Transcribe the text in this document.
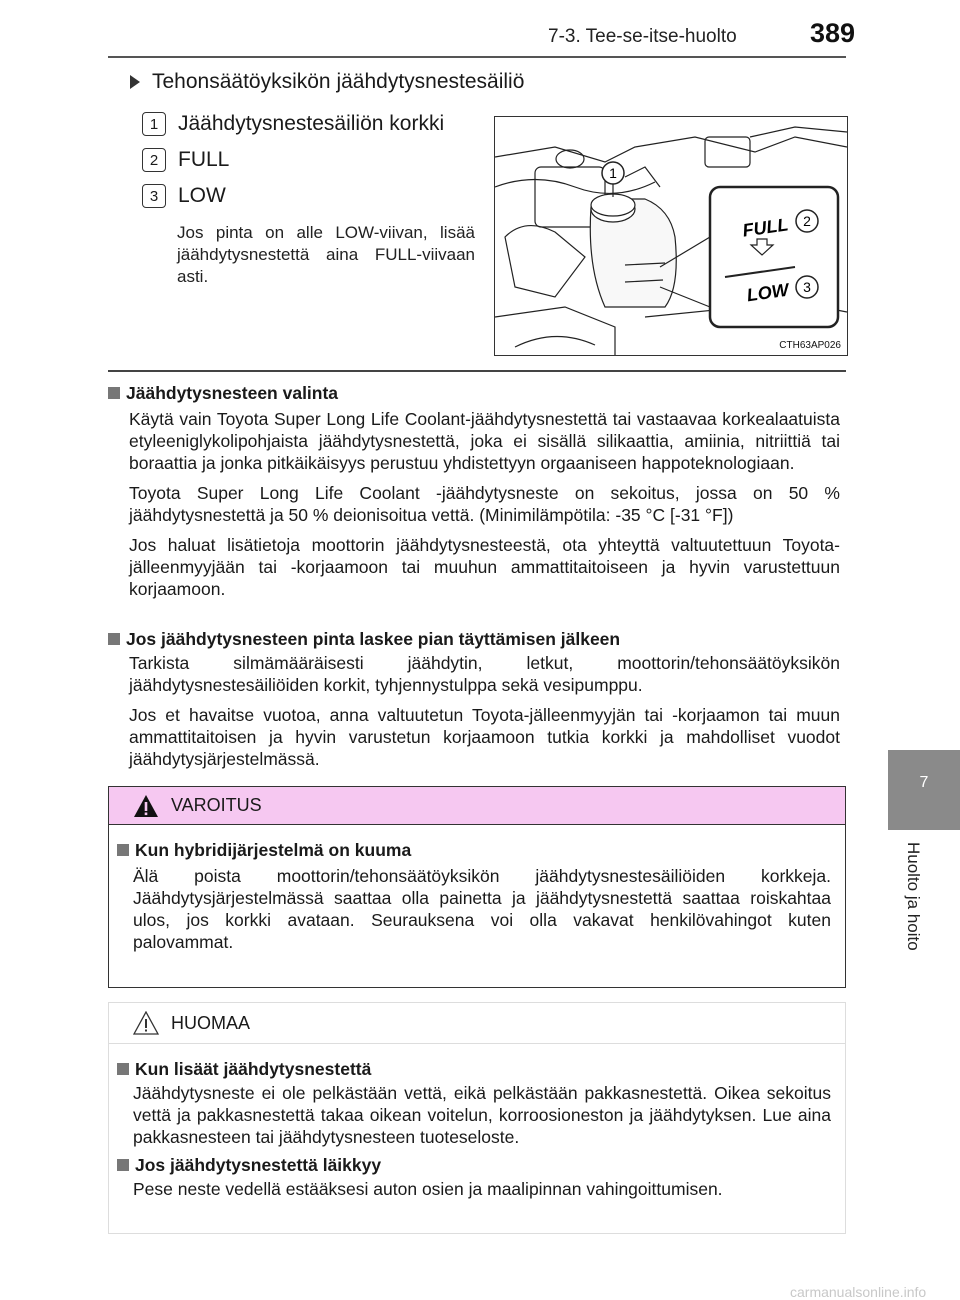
7-3. Tee-se-itse-huolto	389
7
Huolto ja hoito
Tehonsäätöyksikön jäähdytysnestesäiliö
1 Jäähdytysnestesäiliön korkki
2 FULL
3 LOW
Jos pinta on alle LOW-viivan, lisää jäähdytysnestettä aina FULL-viivaan asti.
1
FULL
LOW
2
3
CTH63AP026
Jäähdytysnesteen valinta
Käytä vain Toyota Super Long Life Coolant-jäähdytysnestettä tai vastaavaa korkealaatuista etyleeniglykolipohjaista jäähdytysnestettä, joka ei sisällä silikaattia, amiinia, nitriittiä tai boraattia ja jonka pitkäikäisyys perustuu yhdistettyyn orgaaniseen happoteknologiaan.
Toyota Super Long Life Coolant -jäähdytysneste on sekoitus, jossa on 50 % jäähdytysnestettä ja 50 % deionisoitua vettä. (Minimilämpötila: -35 °C [-31 °F])
Jos haluat lisätietoja moottorin jäähdytysnesteestä, ota yhteyttä valtuutettuun Toyota-jälleenmyyjään tai -korjaamoon tai muuhun ammattitaitoiseen ja hyvin varustettuun korjaamoon.
Jos jäähdytysnesteen pinta laskee pian täyttämisen jälkeen
Tarkista silmämääräisesti jäähdytin, letkut, moottorin/tehonsäätöyksikön jäähdytysnestesäiliöiden korkit, tyhjennystulppa sekä vesipumppu.
Jos et havaitse vuotoa, anna valtuutetun Toyota-jälleenmyyjän tai -korjaamon tai muun ammattitaitoisen ja hyvin varustetun korjaamoon tutkia korkki ja mahdolliset vuodot jäähdytysjärjestelmässä.
VAROITUS
Kun hybridijärjestelmä on kuuma
Älä poista moottorin/tehonsäätöyksikön jäähdytysnestesäiliöiden korkkeja. Jäähdytysjärjestelmässä saattaa olla painetta ja jäähdytysnestettä saattaa roiskahtaa ulos, jos korkki avataan. Seurauksena voi olla vakavat henkilövahingot kuten palovammat.
HUOMAA
Kun lisäät jäähdytysnestettä
Jäähdytysneste ei ole pelkästään vettä, eikä pelkästään pakkasnestettä. Oikea sekoitus vettä ja pakkasnestettä takaa oikean voitelun, korroosioneston ja jäähdytyksen. Lue aina pakkasnesteen tai jäähdytysnesteen tuoteseloste.
Jos jäähdytysnestettä läikkyy
Pese neste vedellä estääksesi auton osien ja maalipinnan vahingoittumisen.
carmanualsonline.info
